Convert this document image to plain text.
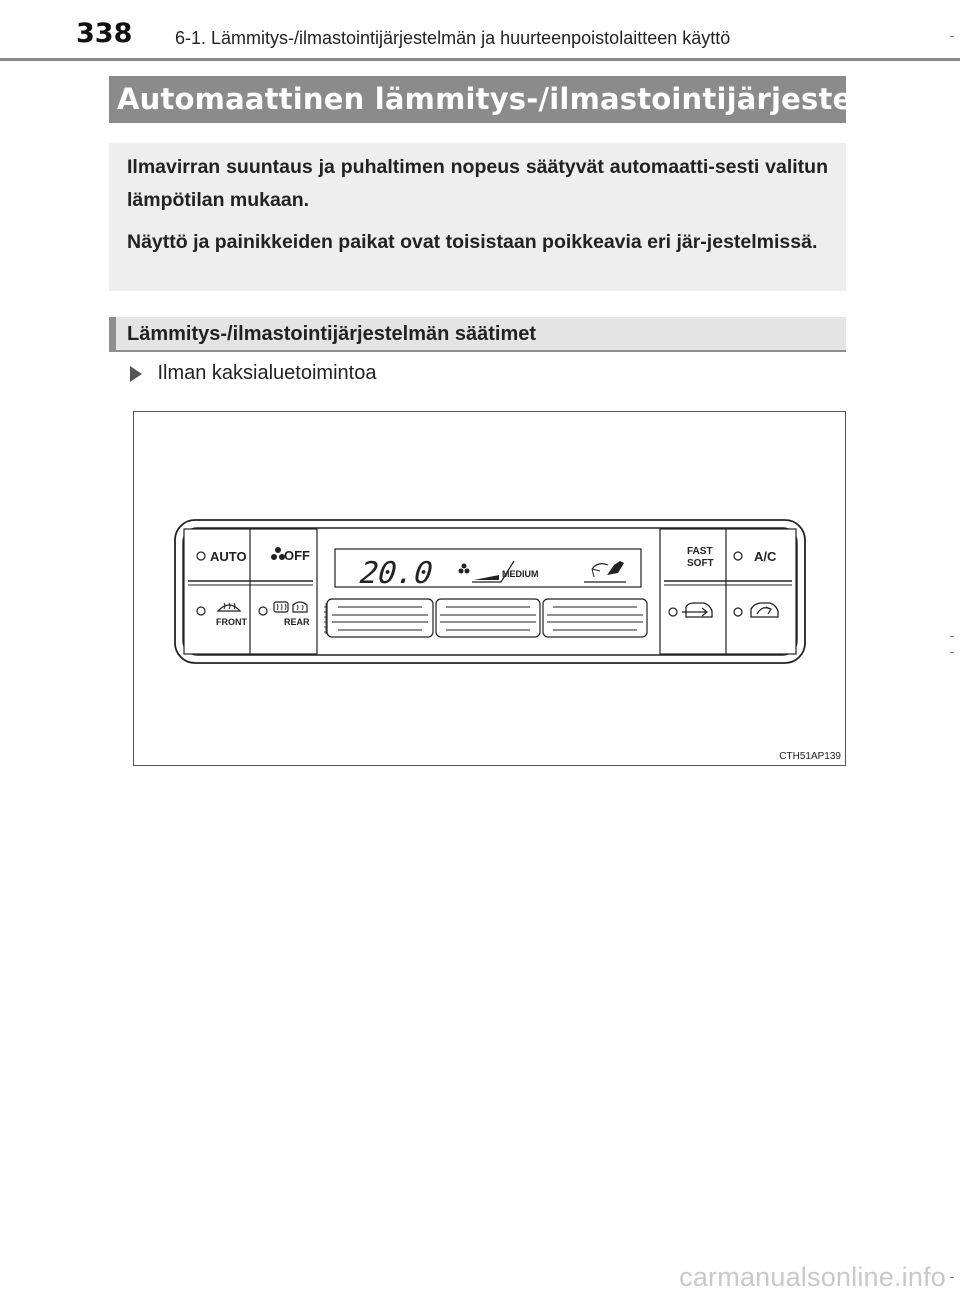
338 6-1. Lämmitys-/ilmastointijärjestelmän ja huurteenpoistolaitteen käyttö
Automaattinen lämmitys-/ilmastointijärjestelmä

Ilmavirran suuntaus ja puhaltimen nopeus säätyvät automaatti-sesti valitun lämpötilan mukaan.

Näyttö ja painikkeiden paikat ovat toisistaan poikkeavia eri jär-jestelmissä.

Lämmitys-/ilmastointijärjestelmän säätimet
Ilman kaksialuetoimintoa
AUTO	OFF
FRONT	REAR
20.0	MEDIUM
FAST
SOFT	A/C
CTH51AP139
carmanualsonline.info
